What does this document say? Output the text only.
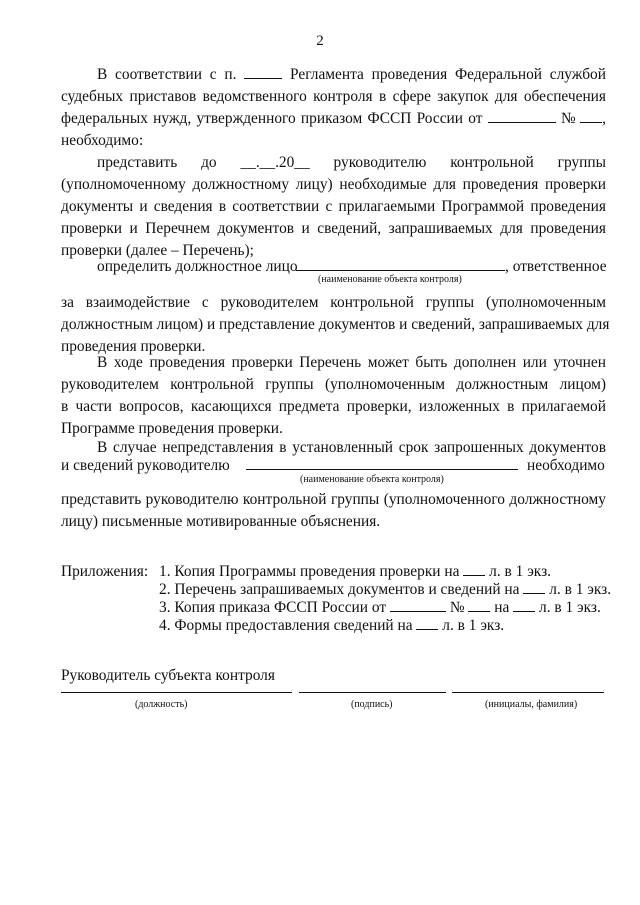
2
В соответствии с п.	Регламента проведения Федеральной службой
судебных приставов ведомственного контроля в сфере закупок для обеспечения
федеральных нужд, утвержденного приказом ФССП России от	№ ,
необходимо:
представить до __.__.20__ руководителю контрольной группы
(уполномоченному должностному лицу) необходимые для проведения проверки
документы и сведения в соответствии с прилагаемыми Программой проведения
проверки и Перечнем документов и сведений, запрашиваемых для проведения
проверки (далее – Перечень);
определить должностное лицо	, ответственное
(наименование объекта контроля)
за взаимодействие с руководителем контрольной группы (уполномоченным
должностным лицом) и представление документов и сведений, запрашиваемых для
проведения проверки.
В ходе проведения проверки Перечень может быть дополнен или уточнен
руководителем контрольной группы (уполномоченным должностным лицом)
в части вопросов, касающихся предмета проверки, изложенных в прилагаемой
Программе проведения проверки.
В случае непредставления в установленный срок запрошенных документов
и сведений руководителю	необходимо
(наименование объекта контроля)
представить руководителю контрольной группы (уполномоченного должностному
лицу) письменные мотивированные объяснения.
Приложения: 1. Копия Программы проведения проверки на л. в 1 экз.
2. Перечень запрашиваемых документов и сведений на л. в 1 экз.
3. Копия приказа ФССП России от	№ на л. в 1 экз.
4. Формы предоставления сведений на л. в 1 экз.
Руководитель субъекта контроля
(должность)	(подпись)	(инициалы, фамилия)
